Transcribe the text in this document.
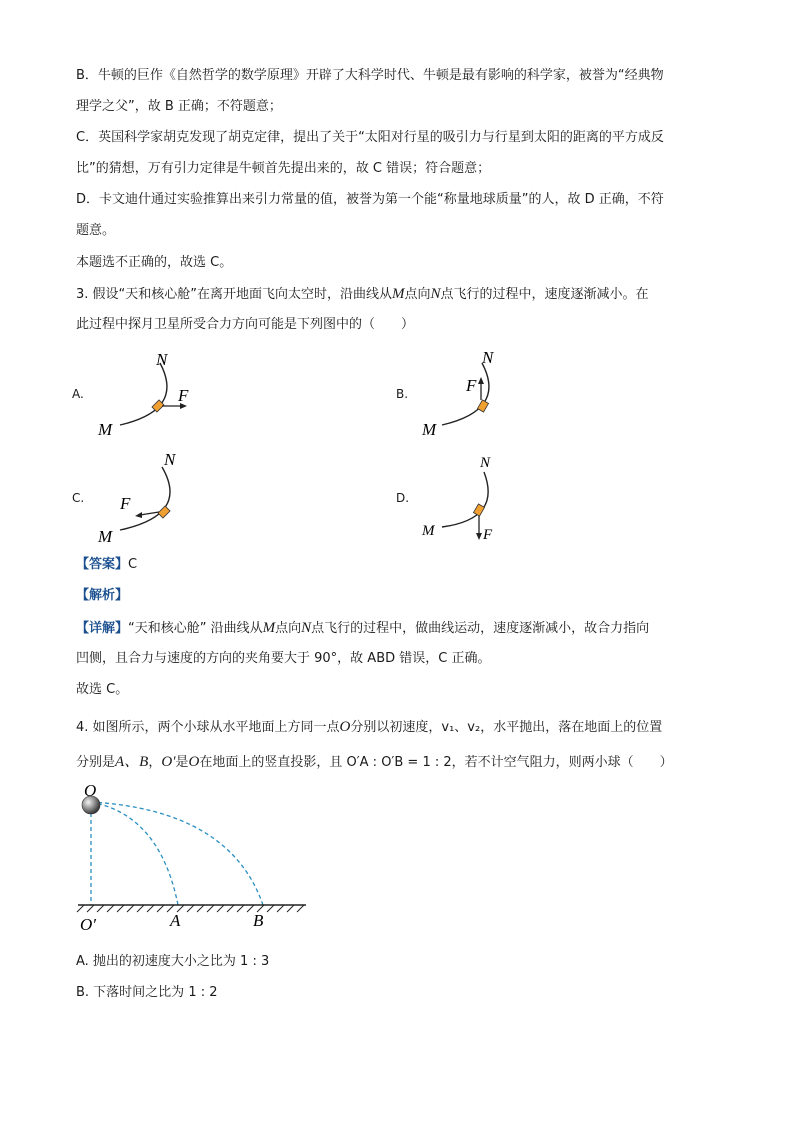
B．牛顿的巨作《自然哲学的数学原理》开辟了大科学时代、牛顿是最有影响的科学家，被誉为“经典物
理学之父”，故 B 正确；不符题意；
C．英国科学家胡克发现了胡克定律，提出了关于“太阳对行星的吸引力与行星到太阳的距离的平方成反
比”的猜想，万有引力定律是牛顿首先提出来的，故 C 错误；符合题意；
D．卡文迪什通过实验推算出来引力常量的值，被誉为第一个能“称量地球质量”的人，故 D 正确，不符
题意。
本题选不正确的，故选 C。
3. 假设“天和核心舱”在离开地面飞向太空时，沿曲线从M点向N点飞行的过程中，速度逐渐减小。在
此过程中探月卫星所受合力方向可能是下列图中的（　　）
A.
N
M
F	B.
N
M
F
C.
N
M
F	D.
N
M	F
【答案】C
【解析】
【详解】“天和核心舱” 沿曲线从M点向N点飞行的过程中，做曲线运动，速度逐渐减小，故合力指向
凹侧，且合力与速度的方向的夹角要大于 90°，故 ABD 错误，C 正确。
故选 C。
4. 如图所示，两个小球从水平地面上方同一点O分别以初速度，v₁、v₂，水平抛出，落在地面上的位置
分别是A、B，O′是O在地面上的竖直投影，且 O′A : O′B = 1 : 2，若不计空气阻力，则两小球（　　）
O
O′	A	B
A. 抛出的初速度大小之比为 1 : 3
B. 下落时间之比为 1 : 2
